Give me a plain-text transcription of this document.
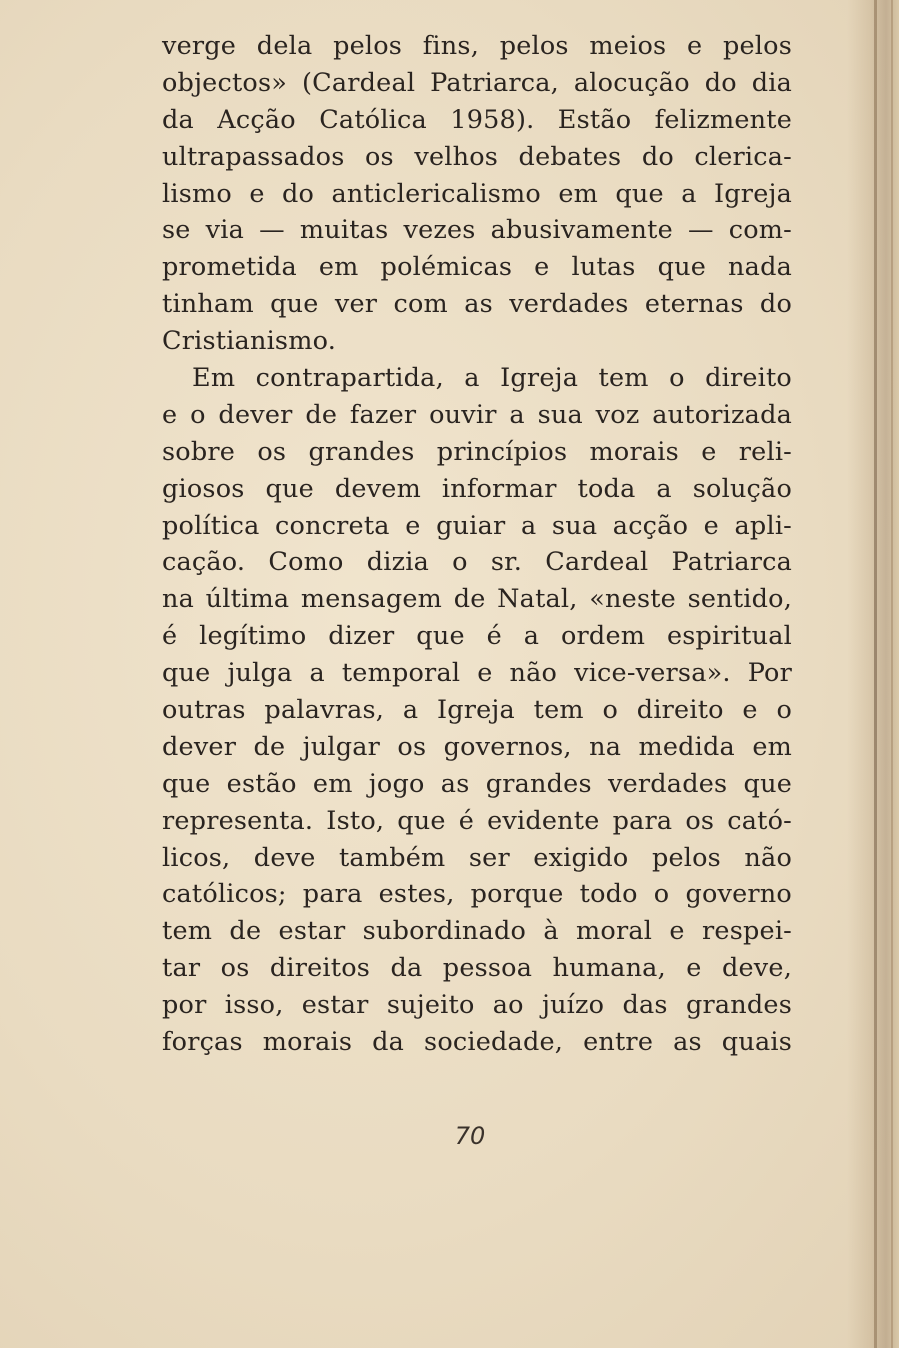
verge dela pelos fins, pelos meios e pelos
objectos» (Cardeal Patriarca, alocução do dia
da Acção Católica 1958). Estão felizmente
ultrapassados os velhos debates do clerica-
lismo e do anticlericalismo em que a Igreja
se via — muitas vezes abusivamente — com-
prometida em polémicas e lutas que nada
tinham que ver com as verdades eternas do
Cristianismo.
Em contrapartida, a Igreja tem o direito
e o dever de fazer ouvir a sua voz autorizada
sobre os grandes princípios morais e reli-
giosos que devem informar toda a solução
política concreta e guiar a sua acção e apli-
cação. Como dizia o sr. Cardeal Patriarca
na última mensagem de Natal, «neste sentido,
é legítimo dizer que é a ordem espiritual
que julga a temporal e não vice-versa». Por
outras palavras, a Igreja tem o direito e o
dever de julgar os governos, na medida em
que estão em jogo as grandes verdades que
representa. Isto, que é evidente para os cató-
licos, deve também ser exigido pelos não
católicos; para estes, porque todo o governo
tem de estar subordinado à moral e respei-
tar os direitos da pessoa humana, e deve,
por isso, estar sujeito ao juízo das grandes
forças morais da sociedade, entre as quais
70
